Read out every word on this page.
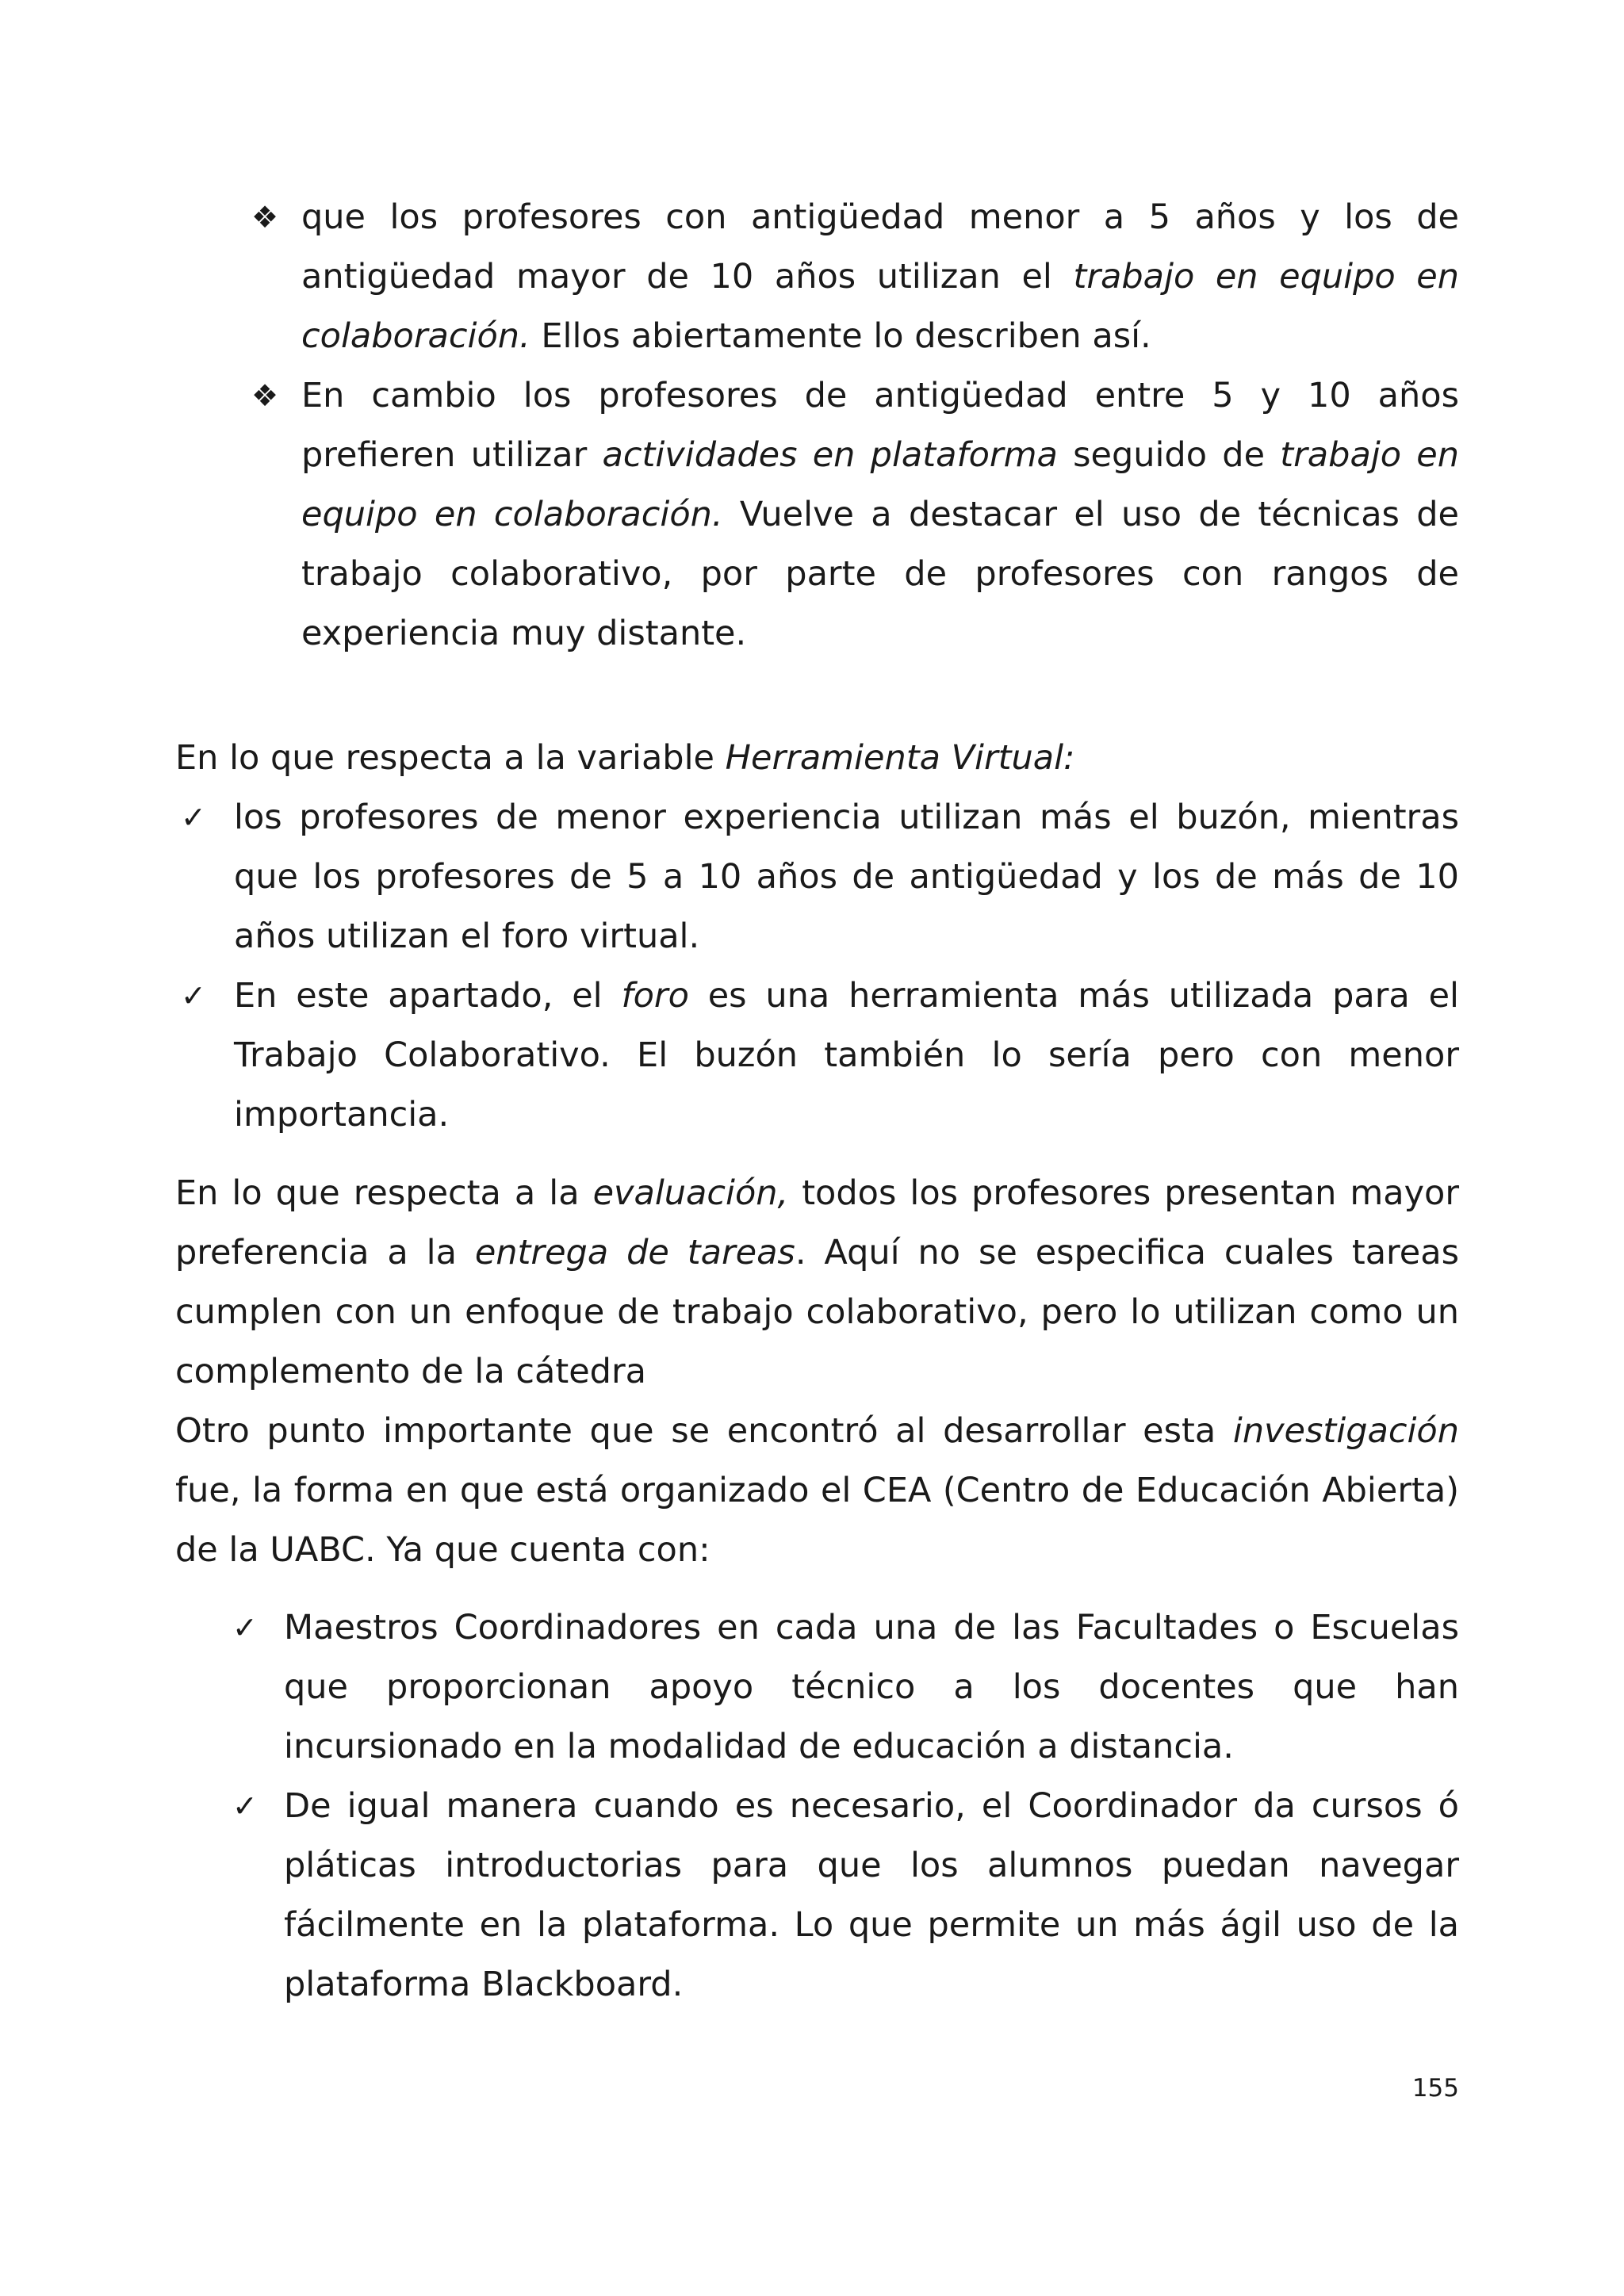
❖ que los profesores con antigüedad menor a 5 años y los de antigüedad mayor de 10 años utilizan el trabajo en equipo en colaboración. Ellos abiertamente lo describen así.
❖ En cambio los profesores de antigüedad entre 5 y 10 años prefieren utilizar actividades en plataforma seguido de trabajo en equipo en colaboración. Vuelve a destacar el uso de técnicas de trabajo colaborativo, por parte de profesores con rangos de experiencia muy distante.

En lo que respecta a la variable Herramienta Virtual:

✓ los profesores de menor experiencia utilizan más el buzón, mientras que los profesores de 5 a 10 años de antigüedad y los de más de 10 años utilizan el foro virtual.
✓ En este apartado, el foro es una herramienta más utilizada para el Trabajo Colaborativo. El buzón también lo sería pero con menor importancia.

En lo que respecta a la evaluación, todos los profesores presentan mayor preferencia a la entrega de tareas. Aquí no se especifica cuales tareas cumplen con un enfoque de trabajo colaborativo, pero lo utilizan como un complemento de la cátedra

Otro punto importante que se encontró al desarrollar esta investigación fue, la forma en que está organizado el CEA (Centro de Educación Abierta) de la UABC. Ya que cuenta con:

✓ Maestros Coordinadores en cada una de las Facultades o Escuelas que proporcionan apoyo técnico a los docentes que han incursionado en la modalidad de educación a distancia.
✓ De igual manera cuando es necesario, el Coordinador da cursos ó pláticas introductorias para que los alumnos puedan navegar fácilmente en la plataforma. Lo que permite un más ágil uso de la plataforma Blackboard.
155
